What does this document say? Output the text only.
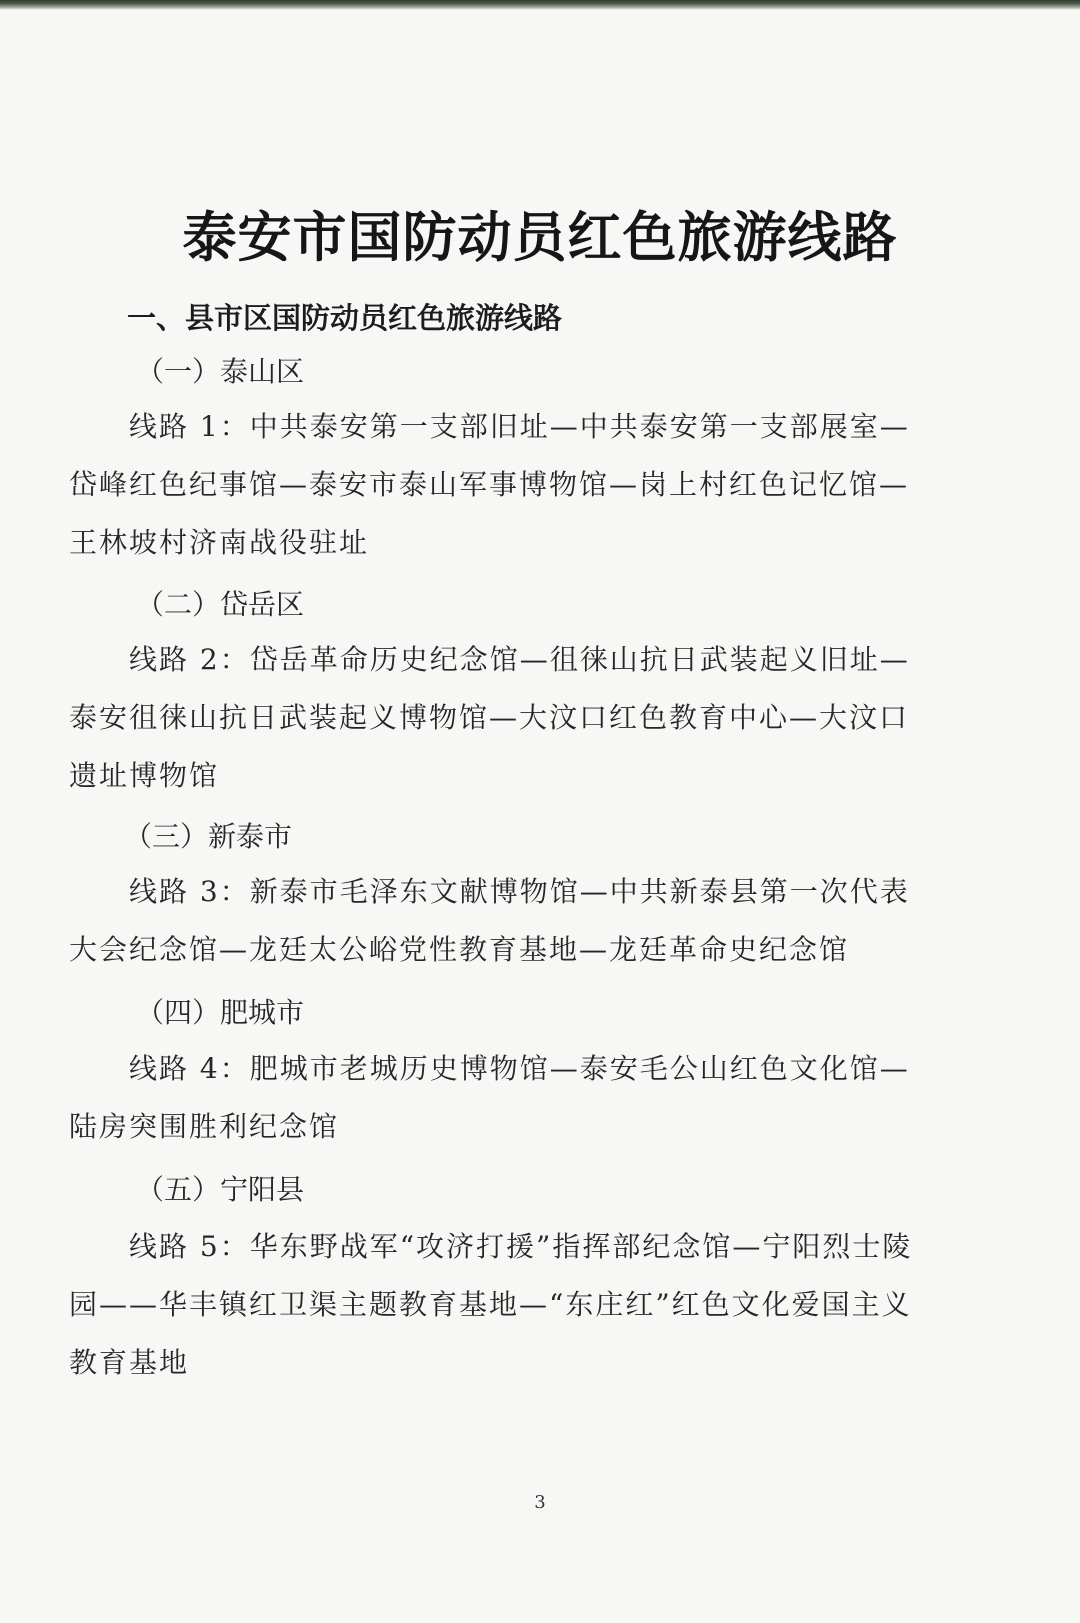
泰安市国防动员红色旅游线路
一、县市区国防动员红色旅游线路

（一）泰山区

线路 1：中共泰安第一支部旧址—中共泰安第一支部展室—岱峰红色纪事馆—泰安市泰山军事博物馆—岗上村红色记忆馆—王林坡村济南战役驻址

（二）岱岳区

线路 2：岱岳革命历史纪念馆—徂徕山抗日武装起义旧址—泰安徂徕山抗日武装起义博物馆—大汶口红色教育中心—大汶口遗址博物馆

（三）新泰市

线路 3：新泰市毛泽东文献博物馆—中共新泰县第一次代表大会纪念馆—龙廷太公峪党性教育基地—龙廷革命史纪念馆

（四）肥城市

线路 4：肥城市老城历史博物馆—泰安毛公山红色文化馆—陆房突围胜利纪念馆

（五）宁阳县

线路 5：华东野战军“攻济打援”指挥部纪念馆—宁阳烈士陵园——华丰镇红卫渠主题教育基地—“东庄红”红色文化爱国主义教育基地

3
